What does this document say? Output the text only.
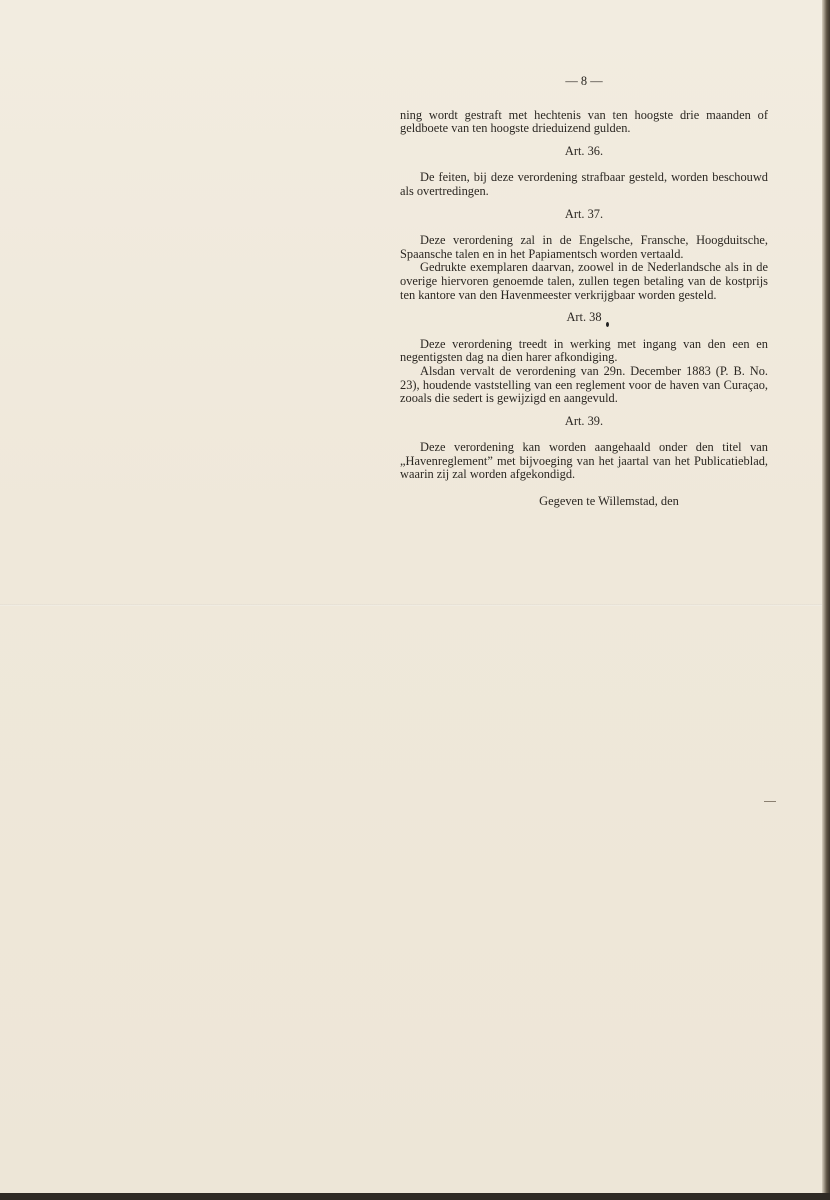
— 8 —

ning wordt gestraft met hechtenis van ten hoogste drie maanden of geldboete van ten hoogste drieduizend gulden.

Art. 36.

De feiten, bij deze verordening strafbaar gesteld, worden beschouwd als overtredingen.

Art. 37.

Deze verordening zal in de Engelsche, Fransche, Hoogduitsche, Spaansche talen en in het Papiamentsch worden vertaald.

Gedrukte exemplaren daarvan, zoowel in de Nederlandsche als in de overige hiervoren genoemde talen, zullen tegen betaling van de kostprijs ten kantore van den Havenmeester verkrijgbaar worden gesteld.

Art. 38

Deze verordening treedt in werking met ingang van den een en negentigsten dag na dien harer afkondiging.

Alsdan vervalt de verordening van 29n. December 1883 (P. B. No. 23), houdende vaststelling van een reglement voor de haven van Curaçao, zooals die sedert is gewijzigd en aangevuld.

Art. 39.

Deze verordening kan worden aangehaald onder den titel van „Havenreglement” met bijvoeging van het jaartal van het Publicatieblad, waarin zij zal worden afgekondigd.

Gegeven te Willemstad, den
